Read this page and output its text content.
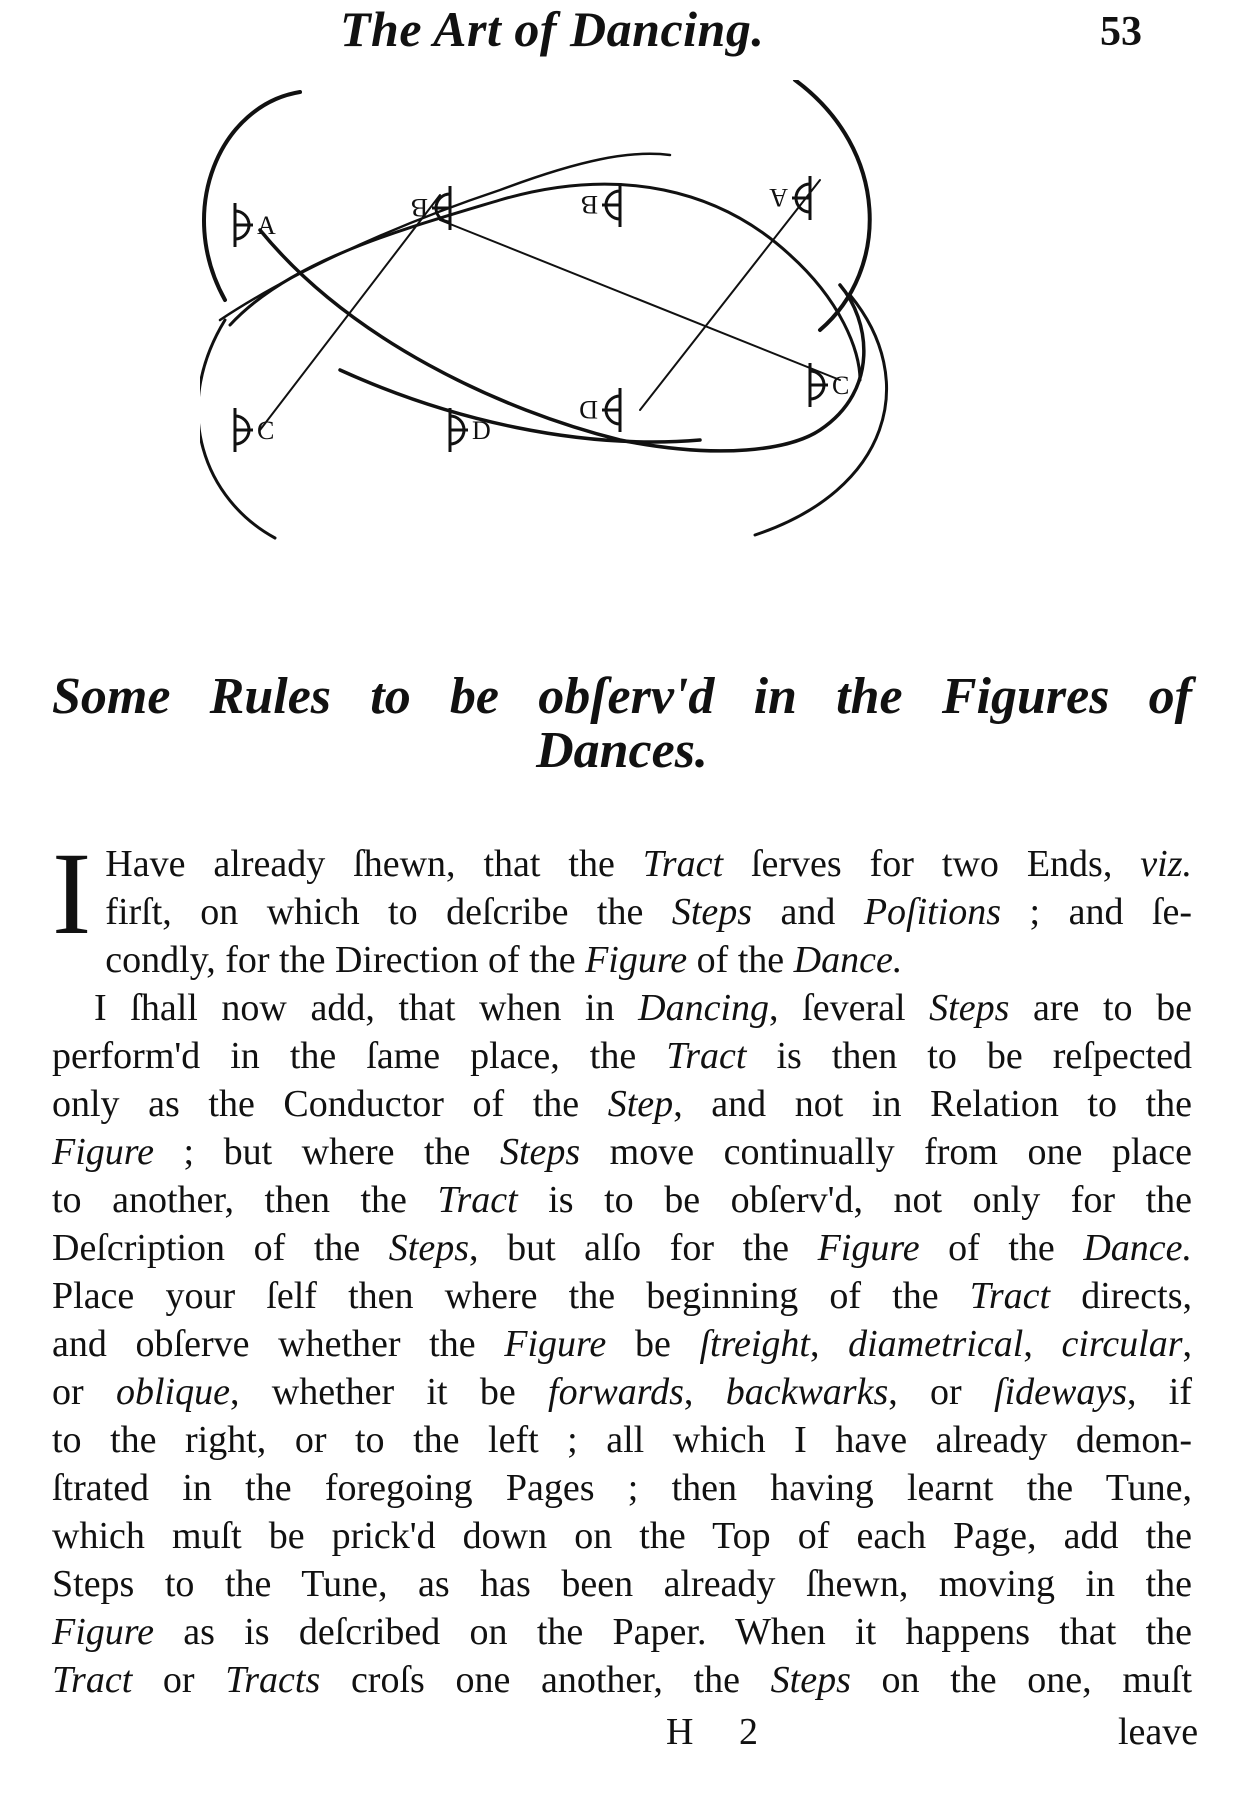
The Art of Dancing.	53
A
B	B	A
C	D
D
C
Some Rules to be obſerv'd in the Figures of
Dances.
I Have already ſhewn, that the Tract ſerves for two Ends, viz.
firſt, on which to deſcribe the Steps and Poſitions ; and ſe-
condly, for the Direction of the Figure of the Dance.
I ſhall now add, that when in Dancing, ſeveral Steps are to be
perform'd in the ſame place, the Tract is then to be reſpected
only as the Conductor of the Step, and not in Relation to the
Figure ; but where the Steps move continually from one place
to another, then the Tract is to be obſerv'd, not only for the
Deſcription of the Steps, but alſo for the Figure of the Dance.
Place your ſelf then where the beginning of the Tract directs,
and obſerve whether the Figure be ſtreight, diametrical, circular,
or oblique, whether it be forwards, backwarks, or ſideways, if
to the right, or to the left ; all which I have already demon-
ſtrated in the foregoing Pages ; then having learnt the Tune,
which muſt be prick'd down on the Top of each Page, add the
Steps to the Tune, as has been already ſhewn, moving in the
Figure as is deſcribed on the Paper. When it happens that the
Tract or Tracts croſs one another, the Steps on the one, muſt
H 2	leave
